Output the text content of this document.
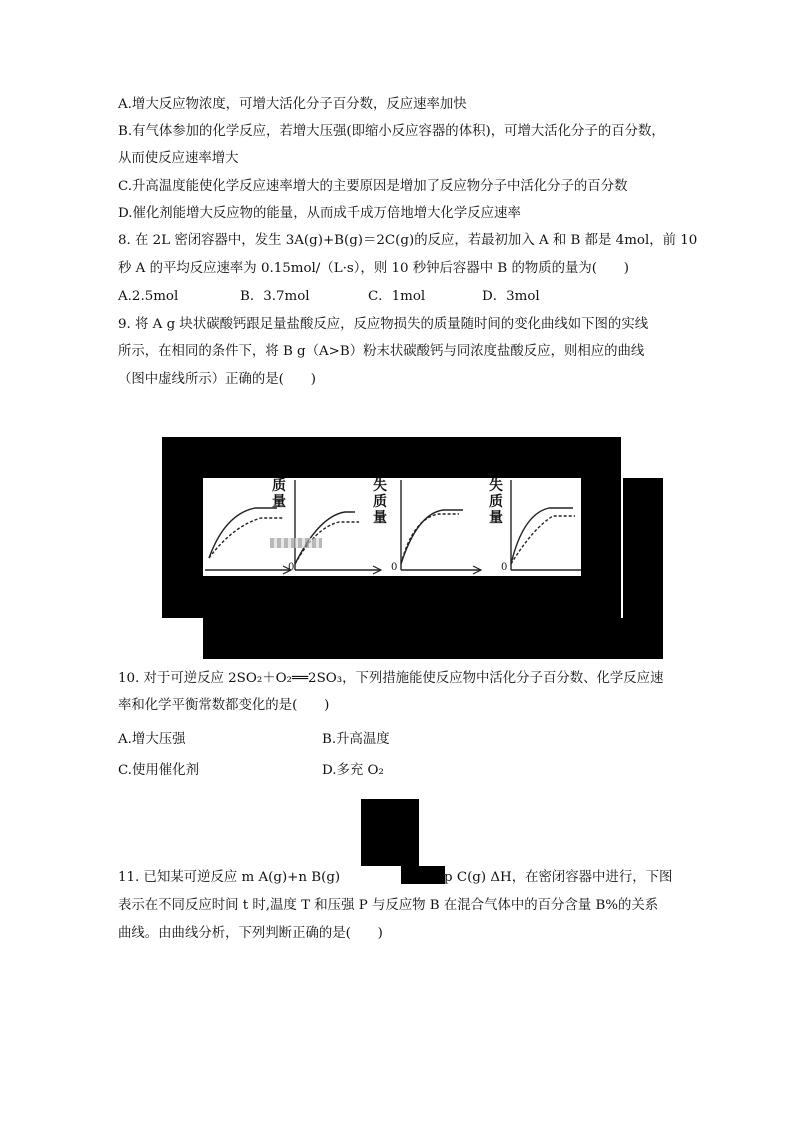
A.增大反应物浓度，可增大活化分子百分数，反应速率加快
B.有气体参加的化学反应，若增大压强(即缩小反应容器的体积)，可增大活化分子的百分数，
从而使反应速率增大
C.升高温度能使化学反应速率增大的主要原因是增加了反应物分子中活化分子的百分数
D.催化剂能增大反应物的能量，从而成千成万倍地增大化学反应速率
8. 在 2L 密闭容器中，发生 3A(g)+B(g)＝2C(g)的反应，若最初加入 A 和 B 都是 4mol，前 10
秒 A 的平均反应速率为 0.15mol/（L·s），则 10 秒钟后容器中 B 的物质的量为(　　)
A.2.5mol	B．3.7mol	C．1mol	D．3mol
9. 将 A g 块状碳酸钙跟足量盐酸反应，反应物损失的质量随时间的变化曲线如下图的实线
所示，在相同的条件下，将 B g（A>B）粉末状碳酸钙与同浓度盐酸反应，则相应的曲线
（图中虚线所示）正确的是(　　)
质
量
0
失
质
量
0
失
质
量
0
10. 对于可逆反应 2SO₂＋O₂══2SO₃，下列措施能使反应物中活化分子百分数、化学反应速
率和化学平衡常数都变化的是(　　)
A.增大压强	B.升高温度
C.使用催化剂	D.多充 O₂
11. 已知某可逆反应 m A(g)+n B(g)	p C(g) ΔH，在密闭容器中进行，下图
表示在不同反应时间 t 时,温度 T 和压强 P 与反应物 B 在混合气体中的百分含量 B%的关系
曲线。由曲线分析，下列判断正确的是(　　)
